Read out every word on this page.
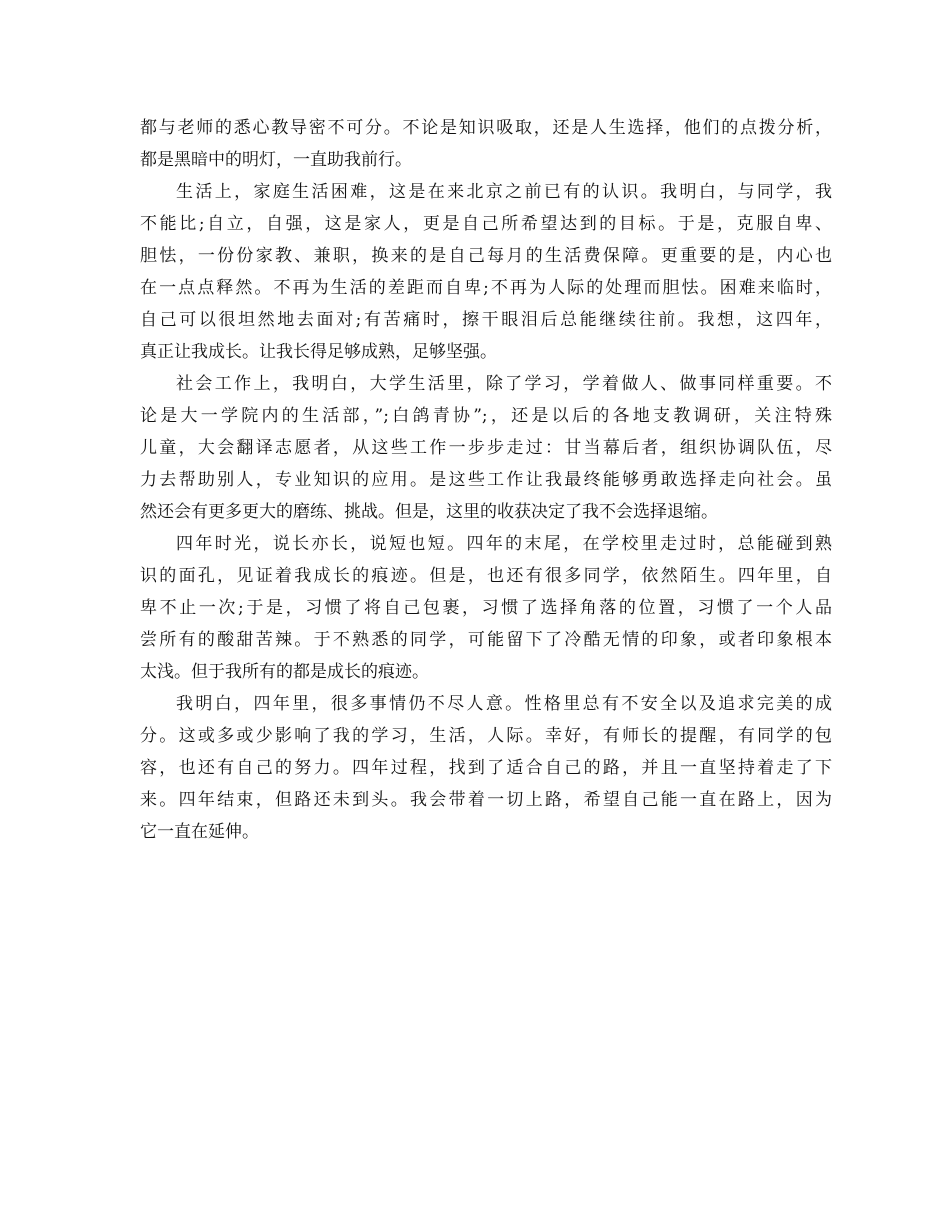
都与老师的悉心教导密不可分。不论是知识吸取，还是人生选择，他们的点拨分析，
都是黑暗中的明灯，一直助我前行。
生活上，家庭生活困难，这是在来北京之前已有的认识。我明白，与同学，我
不能比;自立，自强，这是家人，更是自己所希望达到的目标。于是，克服自卑、
胆怯，一份份家教、兼职，换来的是自己每月的生活费保障。更重要的是，内心也
在一点点释然。不再为生活的差距而自卑;不再为人际的处理而胆怯。困难来临时，
自己可以很坦然地去面对;有苦痛时，擦干眼泪后总能继续往前。我想，这四年，
真正让我成长。让我长得足够成熟，足够坚强。
社会工作上，我明白，大学生活里，除了学习，学着做人、做事同样重要。不
论是大一学院内的生活部，”;白鸽青协”;，还是以后的各地支教调研，关注特殊
儿童，大会翻译志愿者，从这些工作一步步走过：甘当幕后者，组织协调队伍，尽
力去帮助别人，专业知识的应用。是这些工作让我最终能够勇敢选择走向社会。虽
然还会有更多更大的磨练、挑战。但是，这里的收获决定了我不会选择退缩。
四年时光，说长亦长，说短也短。四年的末尾，在学校里走过时，总能碰到熟
识的面孔，见证着我成长的痕迹。但是，也还有很多同学，依然陌生。四年里，自
卑不止一次;于是，习惯了将自己包裹，习惯了选择角落的位置，习惯了一个人品
尝所有的酸甜苦辣。于不熟悉的同学，可能留下了冷酷无情的印象，或者印象根本
太浅。但于我所有的都是成长的痕迹。
我明白，四年里，很多事情仍不尽人意。性格里总有不安全以及追求完美的成
分。这或多或少影响了我的学习，生活，人际。幸好，有师长的提醒，有同学的包
容，也还有自己的努力。四年过程，找到了适合自己的路，并且一直坚持着走了下
来。四年结束，但路还未到头。我会带着一切上路，希望自己能一直在路上，因为
它一直在延伸。
